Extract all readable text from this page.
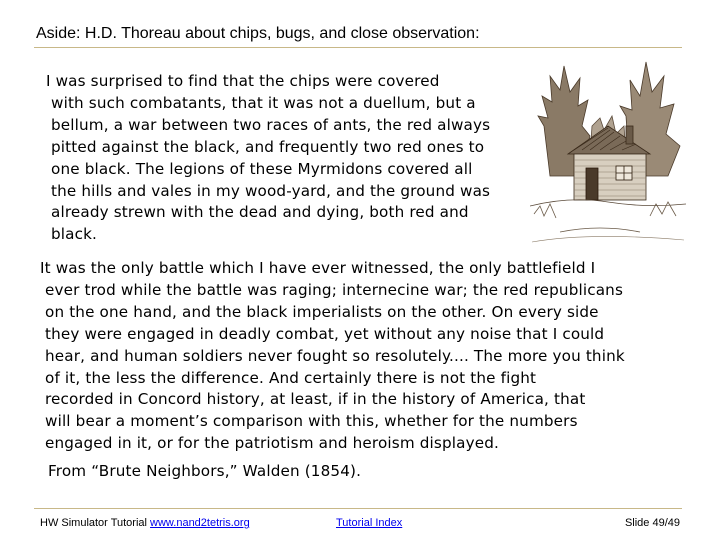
Aside: H.D. Thoreau about chips, bugs, and close observation:

I was surprised to find that the chips were covered
with such combatants, that it was not a duellum, but a
bellum, a war between two races of ants, the red always
pitted against the black, and frequently two red ones to
one black. The legions of these Myrmidons covered all
the hills and vales in my wood-yard, and the ground was
already strewn with the dead and dying, both red and
black.

It was the only battle which I have ever witnessed, the only battlefield I
ever trod while the battle was raging; internecine war; the red republicans
on the one hand, and the black imperialists on the other. On every side
they were engaged in deadly combat, yet without any noise that I could
hear, and human soldiers never fought so resolutely.... The more you think
of it, the less the difference. And certainly there is not the fight
recorded in Concord history, at least, if in the history of America, that
will bear a moment’s comparison with this, whether for the numbers
engaged in it, or for the patriotism and heroism displayed.

From “Brute Neighbors,” Walden (1854).

HW Simulator Tutorial www.nand2tetris.org	Tutorial Index	Slide 49/49
